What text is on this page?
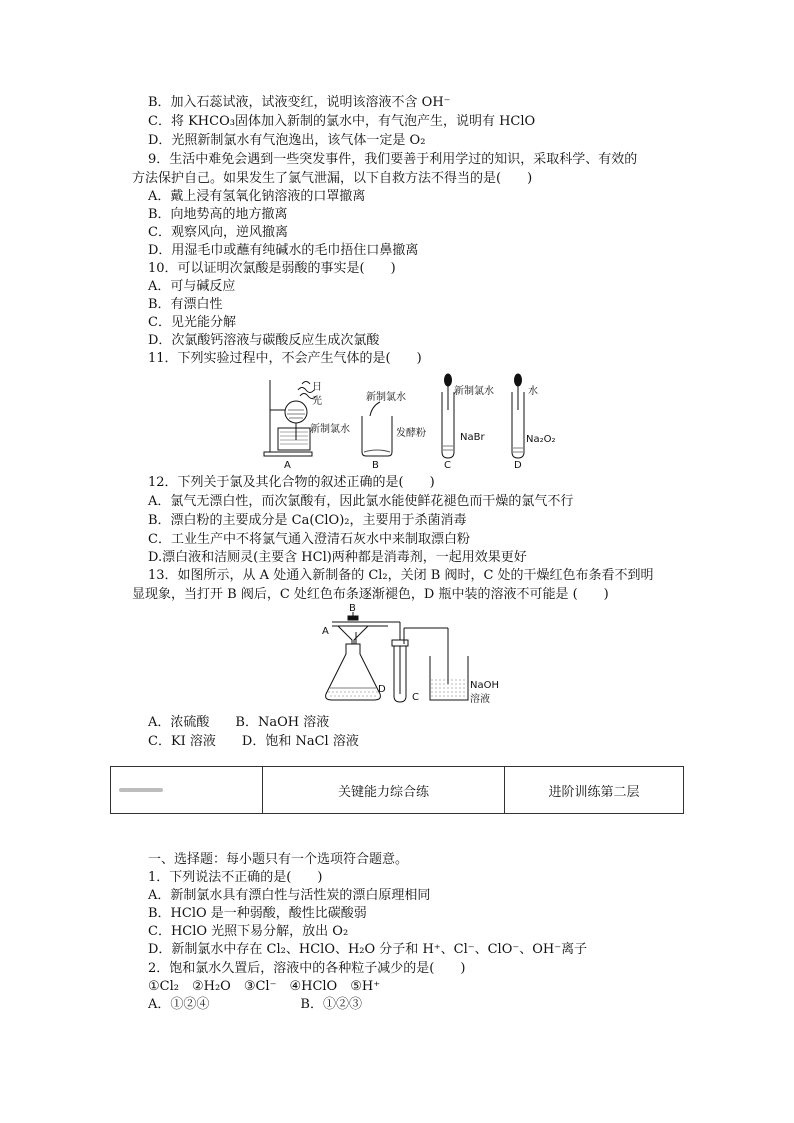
B．加入石蕊试液，试液变红，说明该溶液不含 OH⁻
C．将 KHCO₃固体加入新制的氯水中，有气泡产生，说明有 HClO
D．光照新制氯水有气泡逸出，该气体一定是 O₂
9．生活中难免会遇到一些突发事件，我们要善于利用学过的知识，采取科学、有效的
方法保护自己。如果发生了氯气泄漏，以下自救方法不得当的是(　　)
A．戴上浸有氢氧化钠溶液的口罩撤离
B．向地势高的地方撤离
C．观察风向，逆风撤离
D．用湿毛巾或蘸有纯碱水的毛巾捂住口鼻撤离
10．可以证明次氯酸是弱酸的事实是(　　)
A．可与碱反应
B．有漂白性
C．见光能分解
D．次氯酸钙溶液与碳酸反应生成次氯酸
11．下列实验过程中，不会产生气体的是(　　)
日
光
新制氯水
A
新制氯水
发酵粉
B
新制氯水
NaBr
C
水
Na₂O₂
D
12．下列关于氯及其化合物的叙述正确的是(　　)
A．氯气无漂白性，而次氯酸有，因此氯水能使鲜花褪色而干燥的氯气不行
B．漂白粉的主要成分是 Ca(ClO)₂，主要用于杀菌消毒
C．工业生产中不将氯气通入澄清石灰水中来制取漂白粉
D.漂白液和洁厕灵(主要含 HCl)两种都是消毒剂，一起用效果更好
13．如图所示，从 A 处通入新制备的 Cl₂，关闭 B 阀时，C 处的干燥红色布条看不到明
显现象，当打开 B 阀后，C 处红色布条逐渐褪色，D 瓶中装的溶液不可能是 (　　)
B
A
D
C
NaOH
溶液
A．浓硫酸　　B．NaOH 溶液
C．KI 溶液　　D．饱和 NaCl 溶液
关键能力综合练	进阶训练第二层
一、选择题：每小题只有一个选项符合题意。
1．下列说法不正确的是(　　)
A．新制氯水具有漂白性与活性炭的漂白原理相同
B．HClO 是一种弱酸，酸性比碳酸弱
C．HClO 光照下易分解，放出 O₂
D．新制氯水中存在 Cl₂、HClO、H₂O 分子和 H⁺、Cl⁻、ClO⁻、OH⁻离子
2．饱和氯水久置后，溶液中的各种粒子减少的是(　　)
①Cl₂　②H₂O　③Cl⁻　④HClO　⑤H⁺
A．①②④　　　　　　　B．①②③
